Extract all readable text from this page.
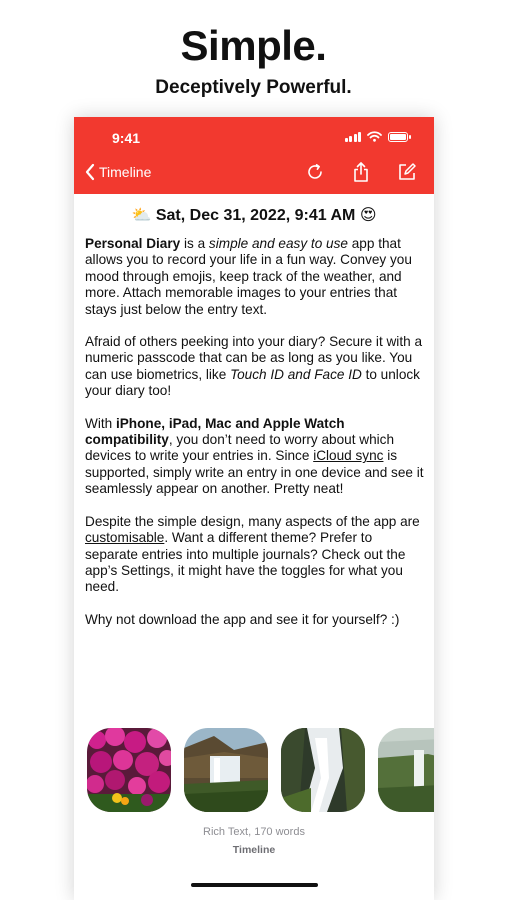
Simple.
Deceptively Powerful.
9:41
Timeline
⛅ Sat, Dec 31, 2022, 9:41 AM 😍

Personal Diary is a simple and easy to use app that allows you to record your life in a fun way. Convey you mood through emojis, keep track of the weather, and more. Attach memorable images to your entries that stays just below the entry text.

Afraid of others peeking into your diary? Secure it with a numeric passcode that can be as long as you like. You can use biometrics, like Touch ID and Face ID to unlock your diary too!

With iPhone, iPad, Mac and Apple Watch compatibility, you don’t need to worry about which devices to write your entries in. Since iCloud sync is supported, simply write an entry in one device and see it seamlessly appear on another. Pretty neat!

Despite the simple design, many aspects of the app are customisable. Want a different theme? Prefer to separate entries into multiple journals? Check out the app’s Settings, it might have the toggles for what you need.

Why not download the app and see it for yourself? :)

Rich Text, 170 words
Timeline
